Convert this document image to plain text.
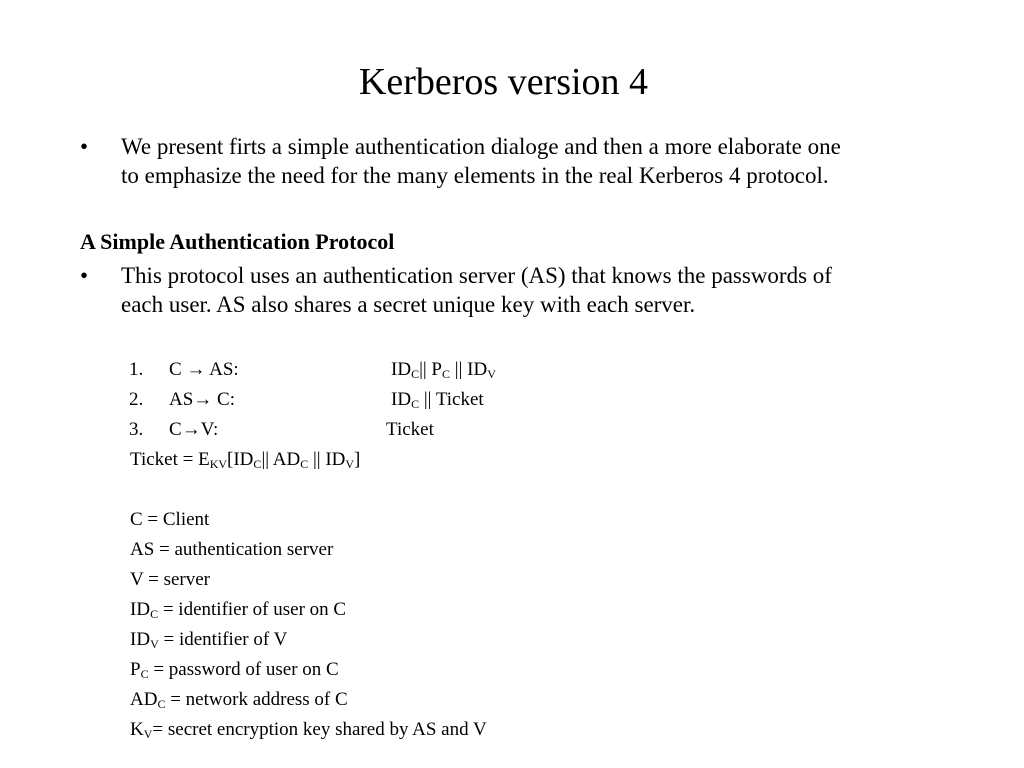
Kerberos version 4
• We present firts a simple authentication dialoge and then a more elaborate one
to emphasize the need for the many elements in the real Kerberos 4 protocol.
A Simple Authentication Protocol
• This protocol uses an authentication server (AS) that knows the passwords of
each user. AS also shares a secret unique key with each server.
1. C → AS:	$ID_C||$ $P_C$ || $ID_V$
2. AS→ C:	$ID_C$ || Ticket
3. C→V:	Ticket
Ticket = $E_{KV}[ID_C||$ $AD_C$ || $ID_V$]
C = Client
AS = authentication server
V = server
$ID_C$ = identifier of user on C
$ID_V$ = identifier of V
$P_C$ = password of user on C
$AD_C$ = network address of C
$K_V=$ secret encryption key shared by AS and V
